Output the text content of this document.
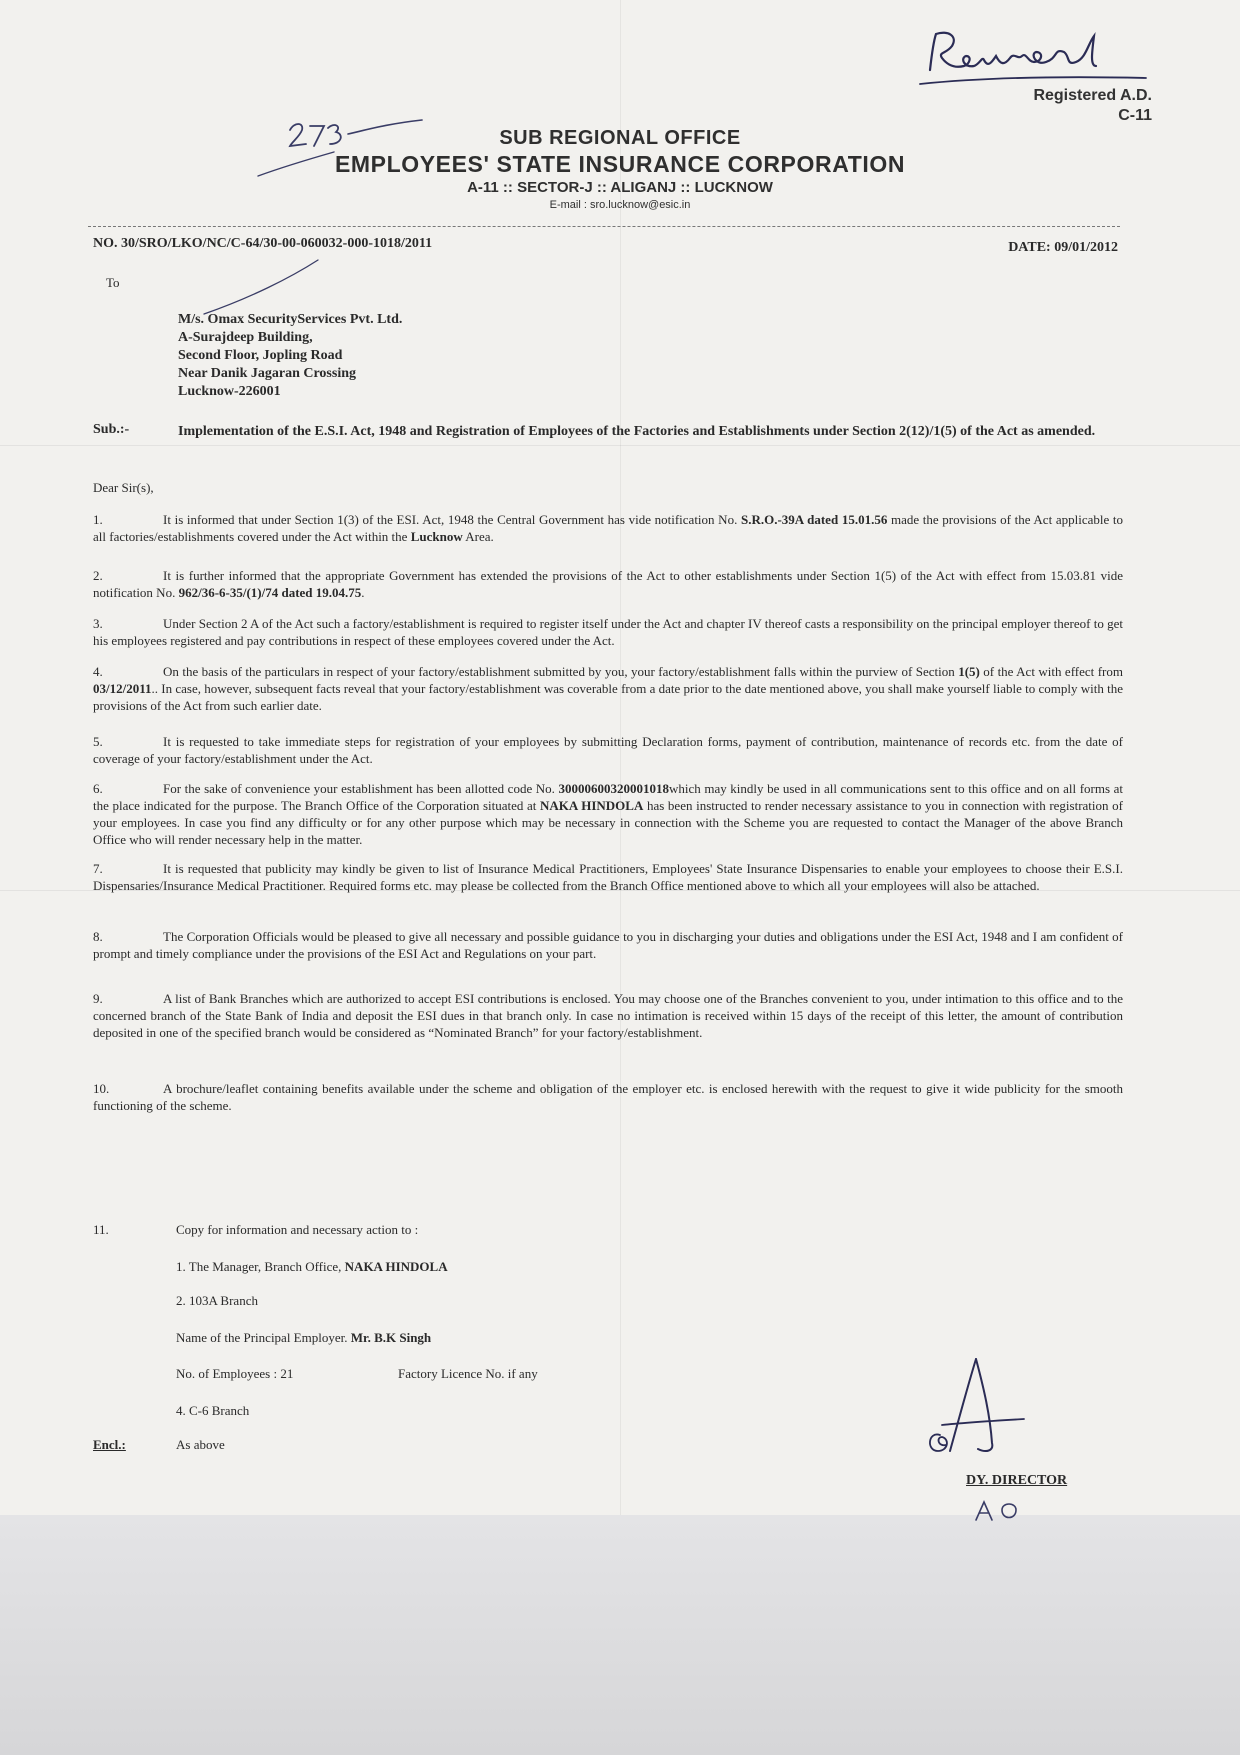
Registered A.D.
C-11
SUB REGIONAL OFFICE
EMPLOYEES' STATE INSURANCE CORPORATION
A-11 :: SECTOR-J :: ALIGANJ :: LUCKNOW
E-mail : sro.lucknow@esic.in
NO. 30/SRO/LKO/NC/C-64/30-00-060032-000-1018/2011	DATE: 09/01/2012
To
M/s. Omax SecurityServices Pvt. Ltd.
A-Surajdeep Building,
Second Floor, Jopling Road
Near Danik Jagaran Crossing
Lucknow-226001
Sub.:-	Implementation of the E.S.I. Act, 1948 and Registration of Employees of the Factories and Establishments under Section 2(12)/1(5) of the Act as amended.
Dear Sir(s),
1.	It is informed that under Section 1(3) of the ESI. Act, 1948 the Central Government has vide notification No. S.R.O.-39A dated 15.01.56 made the provisions of the Act applicable to all factories/establishments covered under the Act within the Lucknow Area.
2.	It is further informed that the appropriate Government has extended the provisions of the Act to other establishments under Section 1(5) of the Act with effect from 15.03.81 vide notification No. 962/36-6-35/(1)/74 dated 19.04.75.
3.	Under Section 2 A of the Act such a factory/establishment is required to register itself under the Act and chapter IV thereof casts a responsibility on the principal employer thereof to get his employees registered and pay contributions in respect of these employees covered under the Act.
4.	On the basis of the particulars in respect of your factory/establishment submitted by you, your factory/establishment falls within the purview of Section 1(5) of the Act with effect from 03/12/2011.. In case, however, subsequent facts reveal that your factory/establishment was coverable from a date prior to the date mentioned above, you shall make yourself liable to comply with the provisions of the Act from such earlier date.
5.	It is requested to take immediate steps for registration of your employees by submitting Declaration forms, payment of contribution, maintenance of records etc. from the date of coverage of your factory/establishment under the Act.
6.	For the sake of convenience your establishment has been allotted code No. 30000600320001018which may kindly be used in all communications sent to this office and on all forms at the place indicated for the purpose. The Branch Office of the Corporation situated at NAKA HINDOLA has been instructed to render necessary assistance to you in connection with registration of your employees. In case you find any difficulty or for any other purpose which may be necessary in connection with the Scheme you are requested to contact the Manager of the above Branch Office who will render necessary help in the matter.
7.	It is requested that publicity may kindly be given to list of Insurance Medical Practitioners, Employees' State Insurance Dispensaries to enable your employees to choose their E.S.I. Dispensaries/Insurance Medical Practitioner. Required forms etc. may please be collected from the Branch Office mentioned above to which all your employees will also be attached.
8.	The Corporation Officials would be pleased to give all necessary and possible guidance to you in discharging your duties and obligations under the ESI Act, 1948 and I am confident of prompt and timely compliance under the provisions of the ESI Act and Regulations on your part.
9.	A list of Bank Branches which are authorized to accept ESI contributions is enclosed. You may choose one of the Branches convenient to you, under intimation to this office and to the concerned branch of the State Bank of India and deposit the ESI dues in that branch only. In case no intimation is received within 15 days of the receipt of this letter, the amount of contribution deposited in one of the specified branch would be considered as “Nominated Branch” for your factory/establishment.
10.	A brochure/leaflet containing benefits available under the scheme and obligation of the employer etc. is enclosed herewith with the request to give it wide publicity for the smooth functioning of the scheme.
11.	Copy for information and necessary action to :
1. The Manager, Branch Office, NAKA HINDOLA
2. 103A Branch
Name of the Principal Employer. Mr. B.K Singh
No. of Employees : 21	Factory Licence No. if any
4. C-6 Branch
Encl.:	As above
DY. DIRECTOR
